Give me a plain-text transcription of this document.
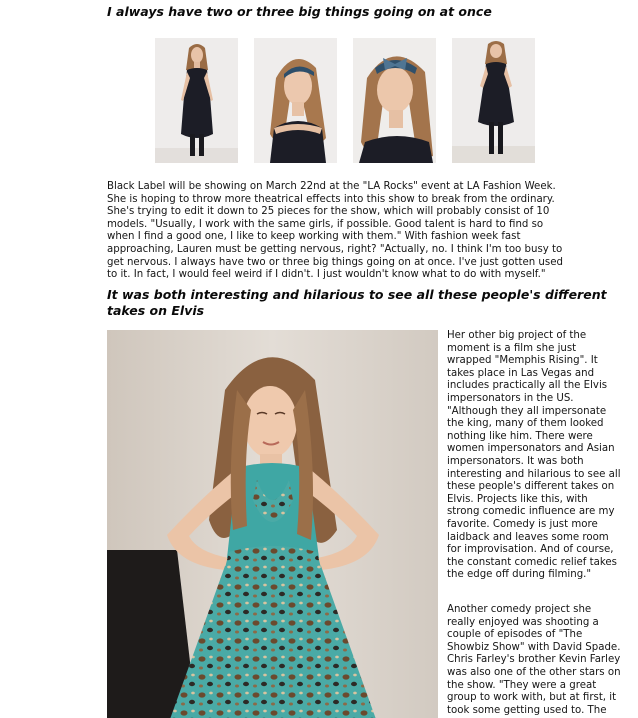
I always have two or three big things going on at once

Black Label will be showing on March 22nd at the "LA Rocks" event at LA Fashion Week. She is hoping to throw more theatrical effects into this show to break from the ordinary. She's trying to edit it down to 25 pieces for the show, which will probably consist of 10 models. "Usually, I work with the same girls, if possible. Good talent is hard to find so when I find a good one, I like to keep working with them." With fashion week fast approaching, Lauren must be getting nervous, right? "Actually, no. I think I'm too busy to get nervous. I always have two or three big things going on at once. I've just gotten used to it. In fact, I would feel weird if I didn't. I just wouldn't know what to do with myself."

It was both interesting and hilarious to see all these people's different takes on Elvis

Her other big project of the moment is a film she just wrapped "Memphis Rising". It takes place in Las Vegas and includes practically all the Elvis impersonators in the US. "Although they all impersonate the king, many of them looked nothing like him. There were women impersonators and Asian impersonators. It was both interesting and hilarious to see all these people's different takes on Elvis. Projects like this, with strong comedic influence are my favorite. Comedy is just more laidback and leaves some room for improvisation. And of course, the constant comedic relief takes the edge off during filming."

Another comedy project she really enjoyed was shooting a couple of episodes of "The Showbiz Show" with David Spade. Chris Farley's brother Kevin Farley was also one of the other stars on the show. "They were a great group to work with, but at first, it took some getting used to. The
